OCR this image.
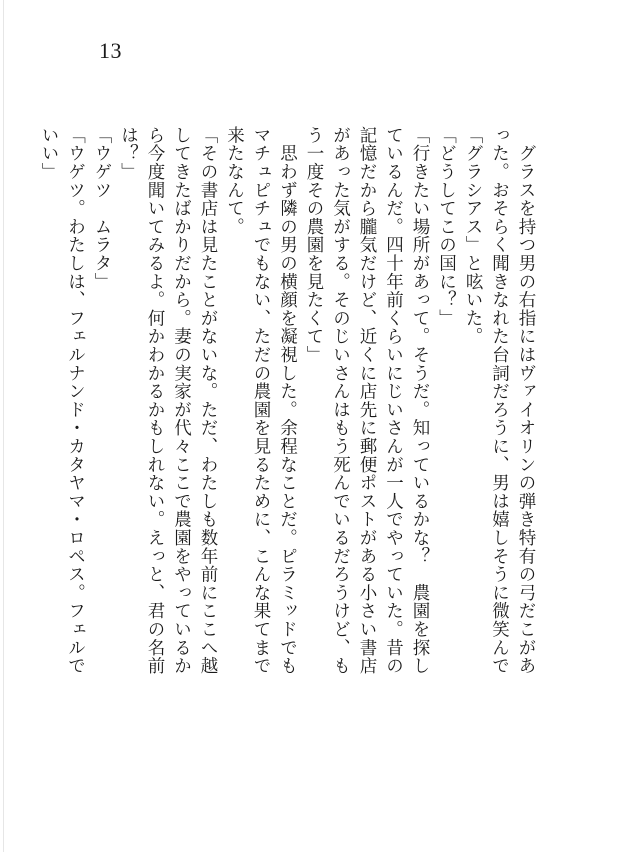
13

　グラスを持つ男の右指にはヴァイオリンの弾き特有の弓だこがあった。おそらく聞きなれた台詞だろうに、男は嬉しそうに微笑んで「グラシアス」と呟いた。

「どうしてこの国に？」

「行きたい場所があって。そうだ。知っているかな？　農園を探しているんだ。四十年前くらいにじいさんが一人でやっていた。昔の記憶だから朧気だけど、近くに店先に郵便ポストがある小さい書店があった気がする。そのじいさんはもう死んでいるだろうけど、もう一度その農園を見たくて」

　思わず隣の男の横顔を凝視した。余程なことだ。ピラミッドでもマチュピチュでもない、ただの農園を見るために、こんな果てまで来たなんて。

「その書店は見たことがないな。ただ、わたしも数年前にここへ越してきたばかりだから。妻の実家が代々ここで農園をやっているから今度聞いてみるよ。何かわかるかもしれない。えっと、君の名前は？」

「ウゲツ　ムラタ」

「ウゲツ。わたしは、フェルナンド・カタヤマ・ロペス。フェルでいい」
